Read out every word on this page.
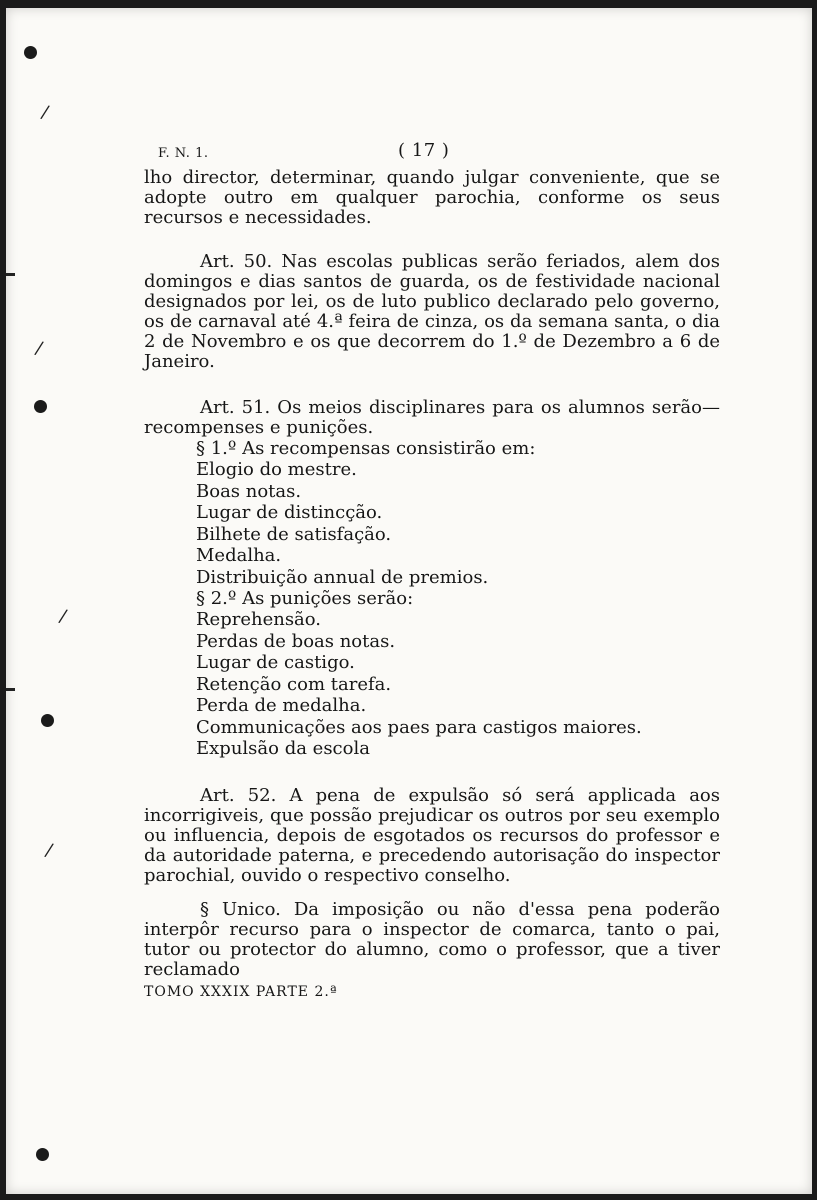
/
/
/
/
F. N. 1.	( 17 )

lho director, determinar, quando julgar conveniente, que se adopte outro em qualquer parochia, conforme os seus recursos e necessidades.

Art. 50. Nas escolas publicas serão feriados, alem dos domingos e dias santos de guarda, os de festividade nacional designados por lei, os de luto publico declarado pelo governo, os de carnaval até 4.ª feira de cinza, os da semana santa, o dia 2 de Novembro e os que decorrem do 1.º de Dezembro a 6 de Janeiro.

Art. 51. Os meios disciplinares para os alumnos serão—recompenses e punições.

§ 1.º As recompensas consistirão em:

Elogio do mestre.
Boas notas.
Lugar de distincção.
Bilhete de satisfação.
Medalha.
Distribuição annual de premios.

§ 2.º As punições serão:

Reprehensão.
Perdas de boas notas.
Lugar de castigo.
Retenção com tarefa.
Perda de medalha.
Communicações aos paes para castigos maiores.
Expulsão da escola

Art. 52. A pena de expulsão só será applicada aos incorrigiveis, que possão prejudicar os outros por seu exemplo ou influencia, depois de esgotados os recursos do professor e da autoridade paterna, e precedendo autorisação do inspector parochial, ouvido o respectivo conselho.

§ Unico. Da imposição ou não d'essa pena poderão interpôr recurso para o inspector de comarca, tanto o pai, tutor ou protector do alumno, como o professor, que a tiver reclamado

TOMO XXXIX PARTE 2.ª
